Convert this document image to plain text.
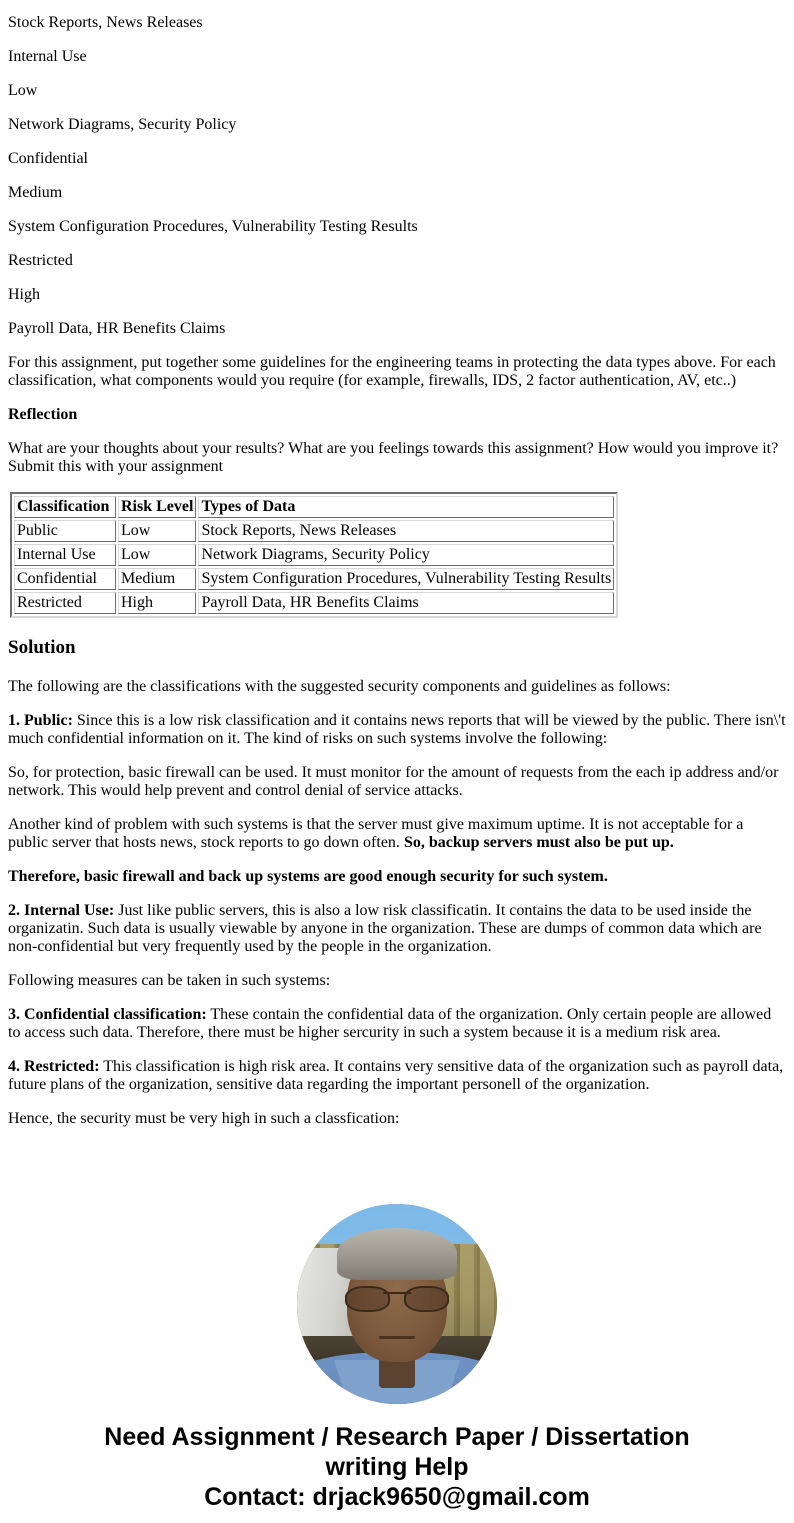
Stock Reports, News Releases

Internal Use

Low

Network Diagrams, Security Policy

Confidential

Medium

System Configuration Procedures, Vulnerability Testing Results

Restricted

High

Payroll Data, HR Benefits Claims

For this assignment, put together some guidelines for the engineering teams in protecting the data types above. For each classification, what components would you require (for example, firewalls, IDS, 2 factor authentication, AV, etc..)

Reflection

What are your thoughts about your results? What are you feelings towards this assignment? How would you improve it? Submit this with your assignment

Classification	Risk Level	Types of Data
Public	Low	Stock Reports, News Releases
Internal Use	Low	Network Diagrams, Security Policy
Confidential	Medium	System Configuration Procedures, Vulnerability Testing Results
Restricted	High	Payroll Data, HR Benefits Claims

Solution

The following are the classifications with the suggested security components and guidelines as follows:

1. Public: Since this is a low risk classification and it contains news reports that will be viewed by the public. There isn\'t much confidential information on it. The kind of risks on such systems involve the following:

So, for protection, basic firewall can be used. It must monitor for the amount of requests from the each ip address and/or network. This would help prevent and control denial of service attacks.

Another kind of problem with such systems is that the server must give maximum uptime. It is not acceptable for a public server that hosts news, stock reports to go down often. So, backup servers must also be put up.

Therefore, basic firewall and back up systems are good enough security for such system.

2. Internal Use: Just like public servers, this is also a low risk classificatin. It contains the data to be used inside the organizatin. Such data is usually viewable by anyone in the organization. These are dumps of common data which are non-confidential but very frequently used by the people in the organization.

Following measures can be taken in such systems:

3. Confidential classification: These contain the confidential data of the organization. Only certain people are allowed to access such data. Therefore, there must be higher sercurity in such a system because it is a medium risk area.

4. Restricted: This classification is high risk area. It contains very sensitive data of the organization such as payroll data, future plans of the organization, sensitive data regarding the important personell of the organization.

Hence, the security must be very high in such a classfication:

Need Assignment / Research Paper / Dissertation
writing Help
Contact: drjack9650@gmail.com
